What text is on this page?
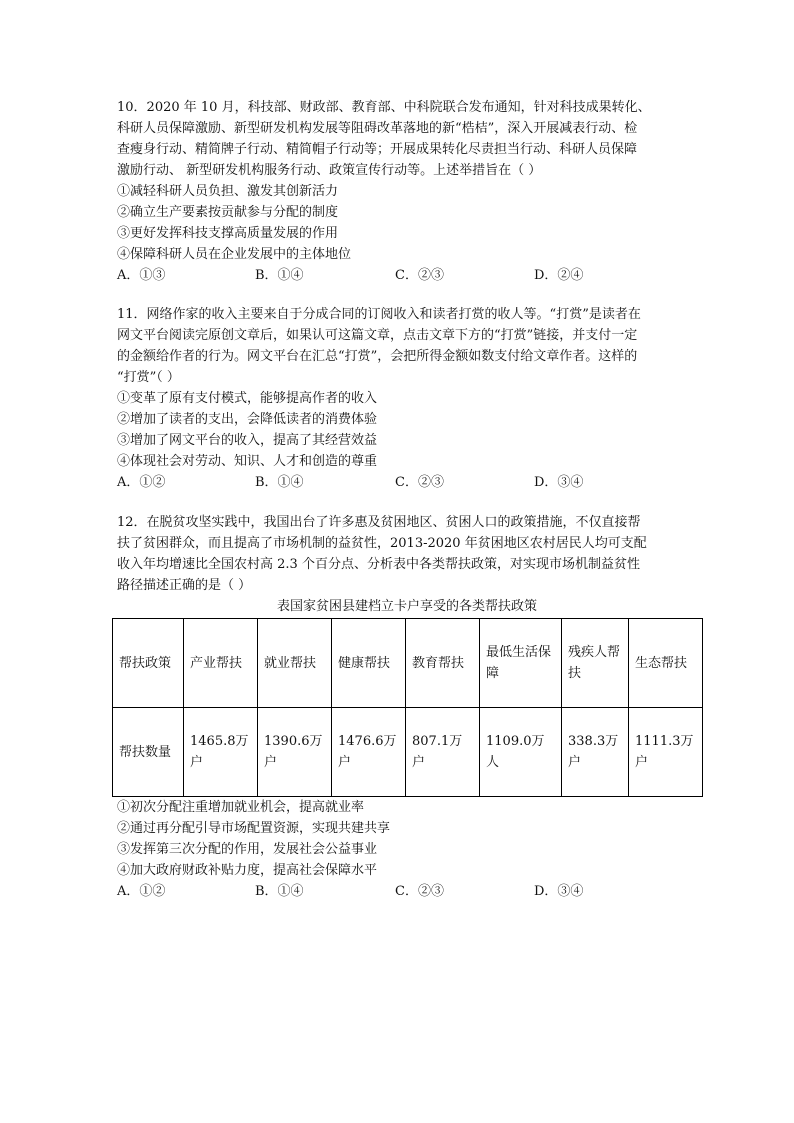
10．2020 年 10 月，科技部、财政部、教育部、中科院联合发布通知，针对科技成果转化、
科研人员保障激励、新型研发机构发展等阻碍改革落地的新“梏桔”，深入开展减表行动、检
查瘦身行动、精简牌子行动、精简帽子行动等；开展成果转化尽责担当行动、科研人员保障
激励行动、 新型研发机构服务行动、政策宣传行动等。上述举措旨在（ ）
①减轻科研人员负担、激发其创新活力
②确立生产要素按贡献参与分配的制度
③更好发挥科技支撑高质量发展的作用
④保障科研人员在企业发展中的主体地位
A．①③	B．①④	C．②③	D．②④
11．网络作家的收入主要来自于分成合同的订阅收入和读者打赏的收人等。“打赏”是读者在
网文平台阅读完原创文章后，如果认可这篇文章，点击文章下方的“打赏”链接，并支付一定
的金额给作者的行为。网文平台在汇总“打赏”，会把所得金额如数支付给文章作者。这样的
“打赏”（ ）
①变革了原有支付模式，能够提高作者的收入
②增加了读者的支出，会降低读者的消费体验
③增加了网文平台的收入，提高了其经营效益
④体现社会对劳动、知识、人才和创造的尊重
A．①②	B．①④	C．②③	D．③④
12．在脱贫攻坚实践中，我国出台了许多惠及贫困地区、贫困人口的政策措施，不仅直接帮
扶了贫困群众，而且提高了市场机制的益贫性，2013-2020 年贫困地区农村居民人均可支配
收入年均增速比全国农村高 2.3 个百分点、分析表中各类帮扶政策，对实现市场机制益贫性
路径描述正确的是（ ）
表国家贫困县建档立卡户享受的各类帮扶政策
帮扶政策	产业帮扶	就业帮扶	健康帮扶	教育帮扶	最低生活保障	残疾人帮扶	生态帮扶
帮扶数量	1465.8万户	1390.6万户	1476.6万户	807.1万户	1109.0万人	338.3万户	1111.3万户
①初次分配注重增加就业机会，提高就业率
②通过再分配引导市场配置资源，实现共建共享
③发挥第三次分配的作用，发展社会公益事业
④加大政府财政补贴力度，提高社会保障水平
A．①②	B．①④	C．②③	D．③④
